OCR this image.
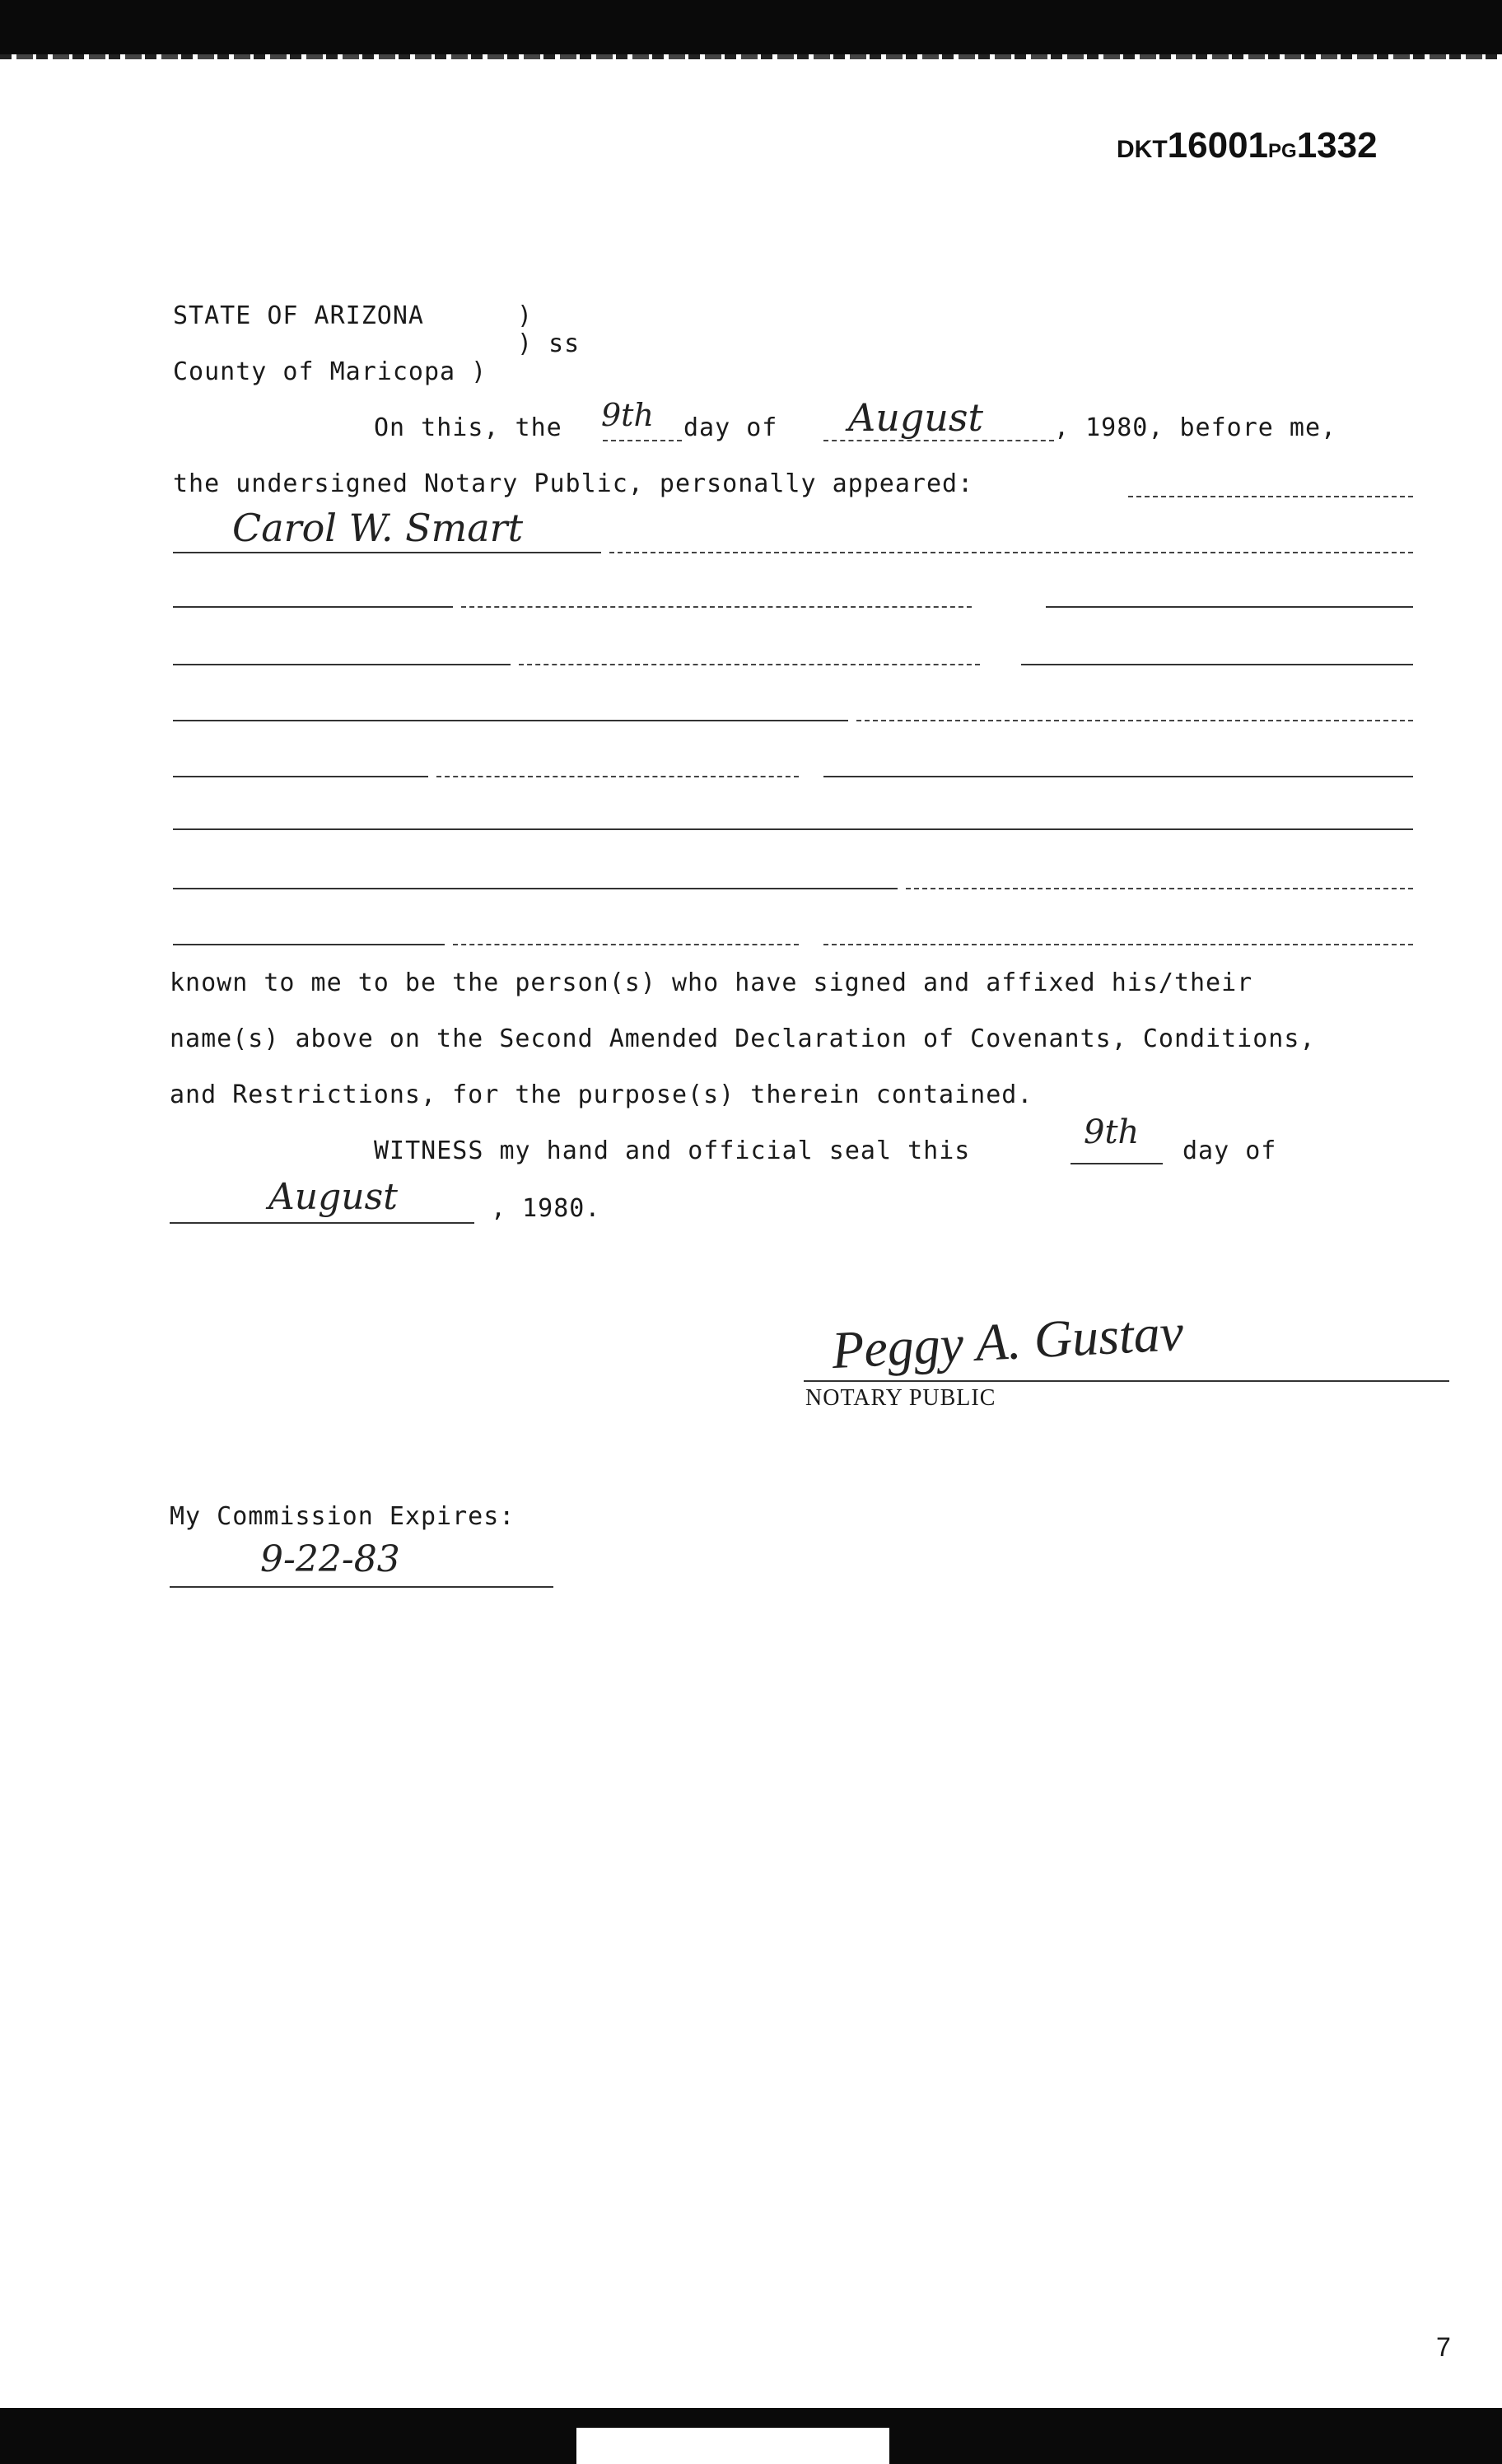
DKT16001PG1332
STATE OF ARIZONA	)
) ss
County of Maricopa )
On this, the 9th day of August	, 1980, before me,
the undersigned Notary Public, personally appeared:
Carol W. Smart
known to me to be the person(s) who have signed and affixed his/their
name(s) above on the Second Amended Declaration of Covenants, Conditions,
and Restrictions, for the purpose(s) therein contained.
WITNESS my hand and official seal this	9th day of
August	, 1980.
Peggy A. Gustav
NOTARY PUBLIC
My Commission Expires:
9-22-83
7
